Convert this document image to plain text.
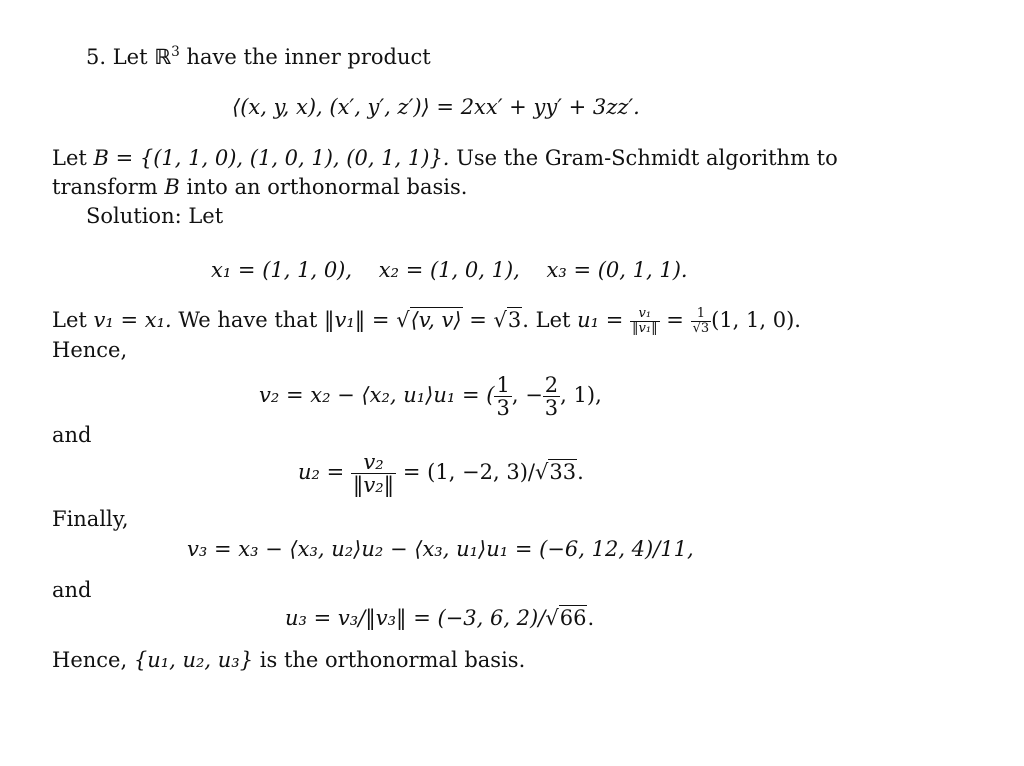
5. Let ℝ$^3$ have the inner product
⟨(x, y, x), (x′, y′, z′)⟩ = 2xx′ + yy′ + 3zz′.
Let B = {(1, 1, 0), (1, 0, 1), (0, 1, 1)}. Use the Gram-Schmidt algorithm to
transform B into an orthonormal basis.
Solution: Let
x₁ = (1, 1, 0),    x₂ = (1, 0, 1),    x₃ = (0, 1, 1).
Let v₁ = x₁. We have that ‖v₁‖ = √⟨v, v⟩ = √3. Let $u_1 = \frac{\text{v₁}}{\text{‖v₁‖}} = \frac{1}{√3} (1$, 1, 0).
Hence,
v₂ = x₂ − ⟨x₂, u₁⟩u₁ = ( $\frac{1}{3}$ , − $\frac{2}{3}$ , 1),
and
$u_2 = \frac{\text{v₂}}{\text{‖v₂‖}} = (1$, −2, 3)/√33.
Finally,
v₃ = x₃ − ⟨x₃, u₂⟩u₂ − ⟨x₃, u₁⟩u₁ = (−6, 12, 4)/11,
and
u₃ = v₃/‖v₃‖ = (−3, 6, 2)/√66.
Hence, {u₁, u₂, u₃} is the orthonormal basis.
